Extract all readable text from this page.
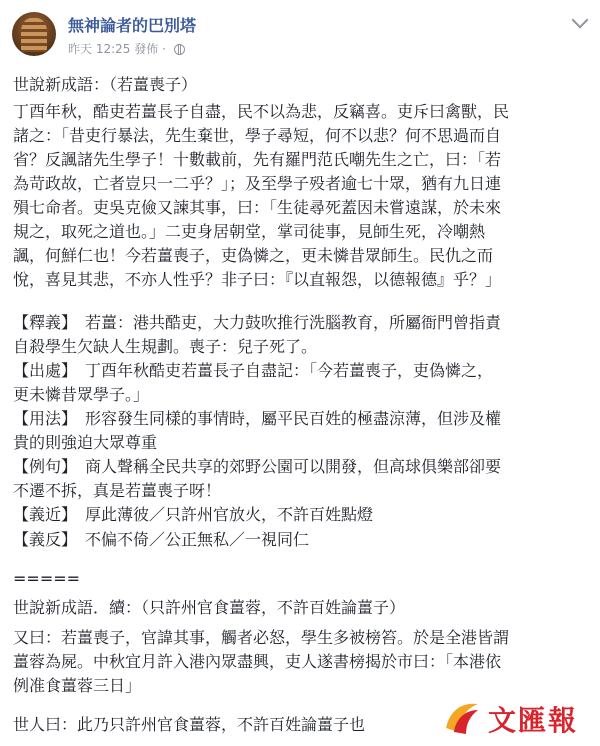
無神論者的巴別塔
昨天 12:25 發佈 ·
世說新成語：（若薑喪子）
丁酉年秋，酷吏若薑長子自盡，民不以為悲，反竊喜。吏斥曰禽獸，民
諸之：「昔吏行暴法，先生棄世，學子尋短，何不以悲？何不思過而自
省？反諷諸先生學子！十數載前，先有羅門范氏嘲先生之亡，曰：「若
為苛政故，亡者豈只一二乎？」；及至學子殁者逾七十眾，猶有九日連
殞七命者。吏吳克儉又諫其事，曰：「生徒尋死蓋因未嘗遠謀，於未來
規之，取死之道也。」二吏身居朝堂，掌司徒事，見師生死，冷嘲熱
諷，何鮮仁也！今若薑喪子，吏偽憐之，更未憐昔眾師生。民仇之而
悅，喜見其悲，不亦人性乎？非子曰：『以直報怨，以德報德』乎？」
【釋義】　若薑：港共酷吏，大力鼓吹推行洗腦教育，所屬衙門曾指責
自殺學生欠缺人生規劃。喪子：兒子死了。
【出處】　丁酉年秋酷吏若薑長子自盡記：「今若薑喪子，吏偽憐之，
更未憐昔眾學子。」
【用法】　形容發生同樣的事情時，屬平民百姓的極盡涼薄，但涉及權
貴的則強迫大眾尊重
【例句】　商人聲稱全民共享的郊野公園可以開發，但高球俱樂部卻要
不遷不拆，真是若薑喪子呀！
【義近】　厚此薄彼／只許州官放火，不許百姓點燈
【義反】　不偏不倚／公正無私／一視同仁
=====
世說新成語．續：（只許州官食薑蓉，不許百姓論薑子）
又曰：若薑喪子，官諱其事，觸者必怒，學生多被榜笞。於是全港皆謂
薑蓉為屍。中秋宜月許入港內眾盡興，吏人遂書榜揭於市曰：「本港依
例准食薑蓉三日」
世人曰：此乃只許州官食薑蓉，不許百姓論薑子也	文匯報
